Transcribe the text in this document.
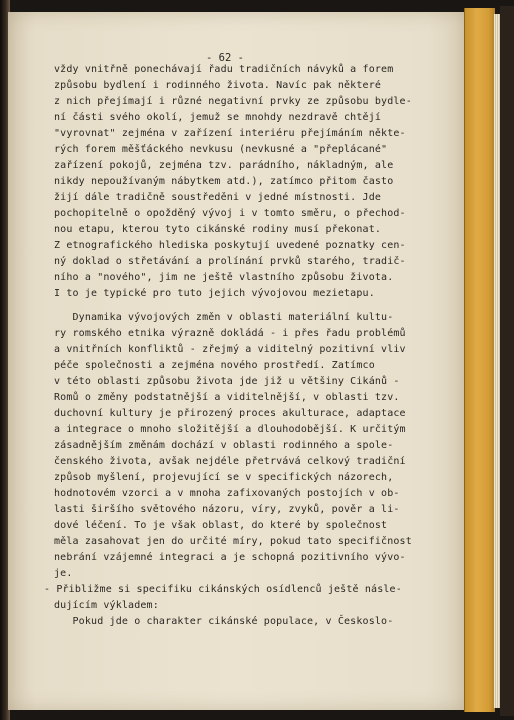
- 62 -
vždy vnitřně ponechávají řadu tradičních návyků a forem
způsobu bydlení i rodinného života. Navíc pak některé
z nich přejímají i různé negativní prvky ze způsobu bydle-
ní části svého okolí, jemuž se mnohdy nezdravě chtějí
"vyrovnat" zejména v zařízení interiéru přejímáním někte-
rých forem měšťáckého nevkusu (nevkusné a "přeplácané"
zařízení pokojů, zejména tzv. parádního, nákladným, ale
nikdy nepoužívaným nábytkem atd.), zatímco přitom často
žijí dále tradičně soustředěni v jedné místnosti. Jde
pochopitelně o opožděný vývoj i v tomto směru, o přechod-
nou etapu, kterou tyto cikánské rodiny musí překonat.
Z etnografického hlediska poskytují uvedené poznatky cen-
ný doklad o střetávání a prolínání prvků starého, tradič-
ního a "nového", jim ne ještě vlastního způsobu života.
I to je typické pro tuto jejich vývojovou mezietapu.
Dynamika vývojových změn v oblasti materiální kultu-
ry romského etnika výrazně dokládá - i přes řadu problémů
a vnitřních konfliktů - zřejmý a viditelný pozitivní vliv
péče společnosti a zejména nového prostředí. Zatímco
v této oblasti způsobu života jde již u většiny Cikánů -
Romů o změny podstatnější a viditelnější, v oblasti tzv.
duchovní kultury je přirozený proces akulturace, adaptace
a integrace o mnoho složitější a dlouhodobější. K určitým
zásadnějším změnám dochází v oblasti rodinného a spole-
čenského života, avšak nejdéle přetrvává celkový tradiční
způsob myšlení, projevující se v specifických názorech,
hodnotovém vzorci a v mnoha zafixovaných postojích v ob-
lasti širšího světového názoru, víry, zvyků, pověr a li-
dové léčení. To je však oblast, do které by společnost
měla zasahovat jen do určité míry, pokud tato specifičnost
nebrání vzájemné integraci a je schopná pozitivního vývo-
je.
- Přibližme si specifiku cikánských osídlenců ještě násle-
dujícím výkladem:
Pokud jde o charakter cikánské populace, v Českoslo-
